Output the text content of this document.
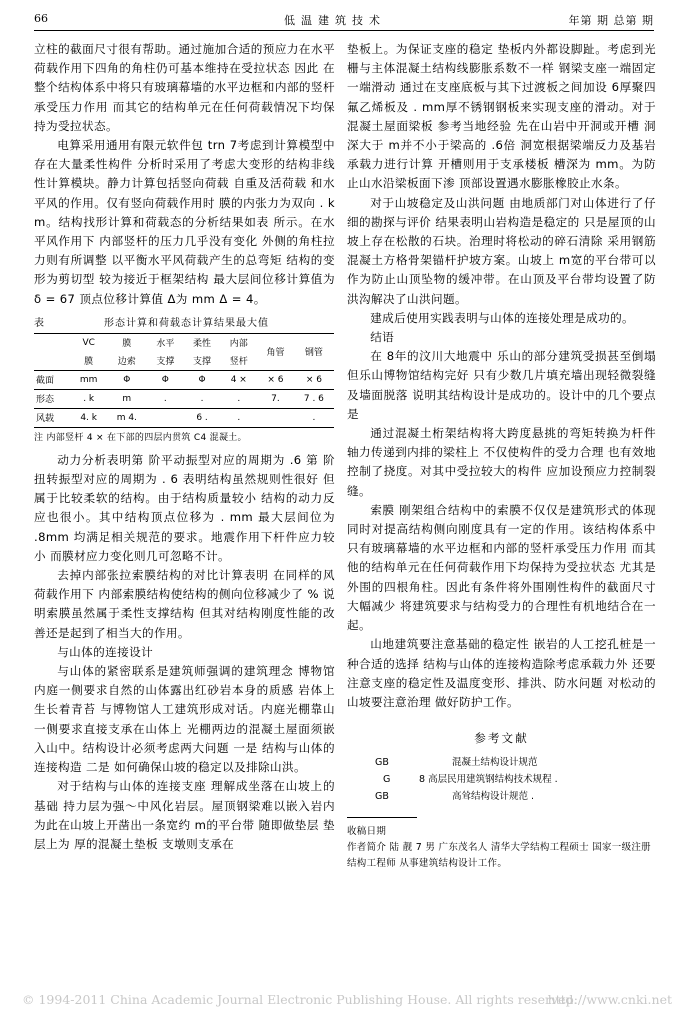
66	低温建筑技术	年第 期 总第 期

立柱的截面尺寸很有帮助。通过施加合适的预应力在水平荷载作用下四角的角柱仍可基本维持在受拉状态 因此 在整个结构体系中将只有玻璃幕墙的水平边框和内部的竖杆承受压力作用 而其它的结构单元在任何荷载情况下均保持为受拉状态。

电算采用通用有限元软件包 trn 7考虑到计算模型中存在大量柔性构件 分析时采用了考虑大变形的结构非线性计算模块。静力计算包括竖向荷载 自重及活荷载 和水平风的作用。仅有竖向荷载作用时 膜的内张力为双向 . k m。结构找形计算和荷载态的分析结果如表 所示。在水平风作用下 内部竖杆的压力几乎没有变化 外侧的角柱拉力则有所调整 以平衡水平风荷载产生的总弯矩 结构的变形为剪切型 较为接近于框架结构 最大层间位移计算值为 δ = 67 顶点位移计算值 Δ为 mm Δ = 4。

表	形态计算和荷载态计算结果最大值
	VC	膜	水平	柔性	内部	角管	钢管
	膜	边索	支撑	支撑	竖杆		
截面	mm	Φ	Φ	Φ	4 ×	× 6	× 6
形态	. k	m	.	.	.	7.	7 . 6
风载	4. k	m 4.		6 .	.		.
注 内部竖杆 4 × 在下部的四层内贯筑 C4 混凝土。

动力分析表明第 阶平动振型对应的周期为 .6 第 阶扭转振型对应的周期为 . 6 表明结构虽然规则性很好 但属于比较柔软的结构。由于结构质量较小 结构的动力反应也很小。其中结构顶点位移为 . mm 最大层间位为 .8mm 均满足相关规范的要求。地震作用下杆件应力较小 而膜材应力变化则几可忽略不计。

去掉内部张拉索膜结构的对比计算表明 在同样的风荷载作用下 内部索膜结构使结构的侧向位移减少了 % 说明索膜虽然属于柔性支撑结构 但其对结构刚度性能的改善还是起到了相当大的作用。

与山体的连接设计

与山体的紧密联系是建筑师强调的建筑理念 博物馆内庭一侧要求自然的山体露出红砂岩本身的质感 岩体上生长着青苔 与博物馆人工建筑形成对话。内庭光棚靠山一侧要求直接支承在山体上 光棚两边的混凝土屋面须嵌入山中。结构设计必须考虑两大问题 一是 结构与山体的连接构造 二是 如何确保山坡的稳定以及排除山洪。

对于结构与山体的连接支座 理解成坐落在山坡上的基础 持力层为强～中风化岩层。屋顶钢梁难以嵌入岩内 为此在山坡上开凿出一条宽约 m的平台带 随即做垫层 垫层上为 厚的混凝土垫板 支墩则支承在

垫板上。为保证支座的稳定 垫板内外都设脚趾。考虑到光栅与主体混凝土结构线膨胀系数不一样 钢梁支座一端固定一端滑动 通过在支座底板与其下过渡板之间加设 6厚聚四氟乙烯板及 . mm厚不锈钢钢板来实现支座的滑动。对于混凝土屋面梁板 参考当地经验 先在山岩中开洞或开槽 洞深大于 m并不小于梁高的 .6倍 洞宽根据梁端反力及基岩承载力进行计算 开槽则用于支承楼板 槽深为 mm。为防止山水沿梁板面下渗 顶部设置遇水膨胀橡胶止水条。

对于山坡稳定及山洪问题 由地质部门对山体进行了仔细的勘探与评价 结果表明山岩构造是稳定的 只是屋顶的山坡上存在松散的石块。治理时将松动的碎石清除 采用钢筋混凝土方格骨架锚杆护坡方案。山坡上 m宽的平台带可以作为防止山顶坠物的缓冲带。在山顶及平台带均设置了防洪沟解决了山洪问题。

建成后使用实践表明与山体的连接处理是成功的。

结语

在 8年的汶川大地震中 乐山的部分建筑受损甚至倒塌 但乐山博物馆结构完好 只有少数几片填充墙出现轻微裂缝及墙面脱落 说明其结构设计是成功的。设计中的几个要点是

通过混凝土桁架结构将大跨度悬挑的弯矩转换为杆件轴力传递到内排的梁柱上 不仅使构件的受力合理 也有效地控制了挠度。对其中受拉较大的构件 应加设预应力控制裂缝。

索膜 刚架组合结构中的索膜不仅仅是建筑形式的体现 同时对提高结构侧向刚度具有一定的作用。该结构体系中只有玻璃幕墙的水平边框和内部的竖杆承受压力作用 而其他的结构单元在任何荷载作用下均保持为受拉状态 尤其是外围的四根角柱。因此有条件将外围刚性构件的截面尺寸大幅减少 将建筑要求与结构受力的合理性有机地结合在一起。

山地建筑要注意基础的稳定性 嵌岩的人工挖孔桩是一种合适的选择 结构与山体的连接构造除考虑承载力外 还要注意支座的稳定性及温度变形、排洪、防水问题 对松动的山坡要注意治理 做好防护工作。

参考文献
GB	混凝土结构设计规范
G	8 高层民用建筑钢结构技术规程 .
GB	高耸结构设计规范 .
收稿日期
作者简介 陆 靓 7 男 广东茂名人 清华大学结构工程硕士 国家一级注册结构工程师 从事建筑结构设计工作。
© 1994-2011 China Academic Journal Electronic Publishing House. All rights reserved.
http://www.cnki.net
